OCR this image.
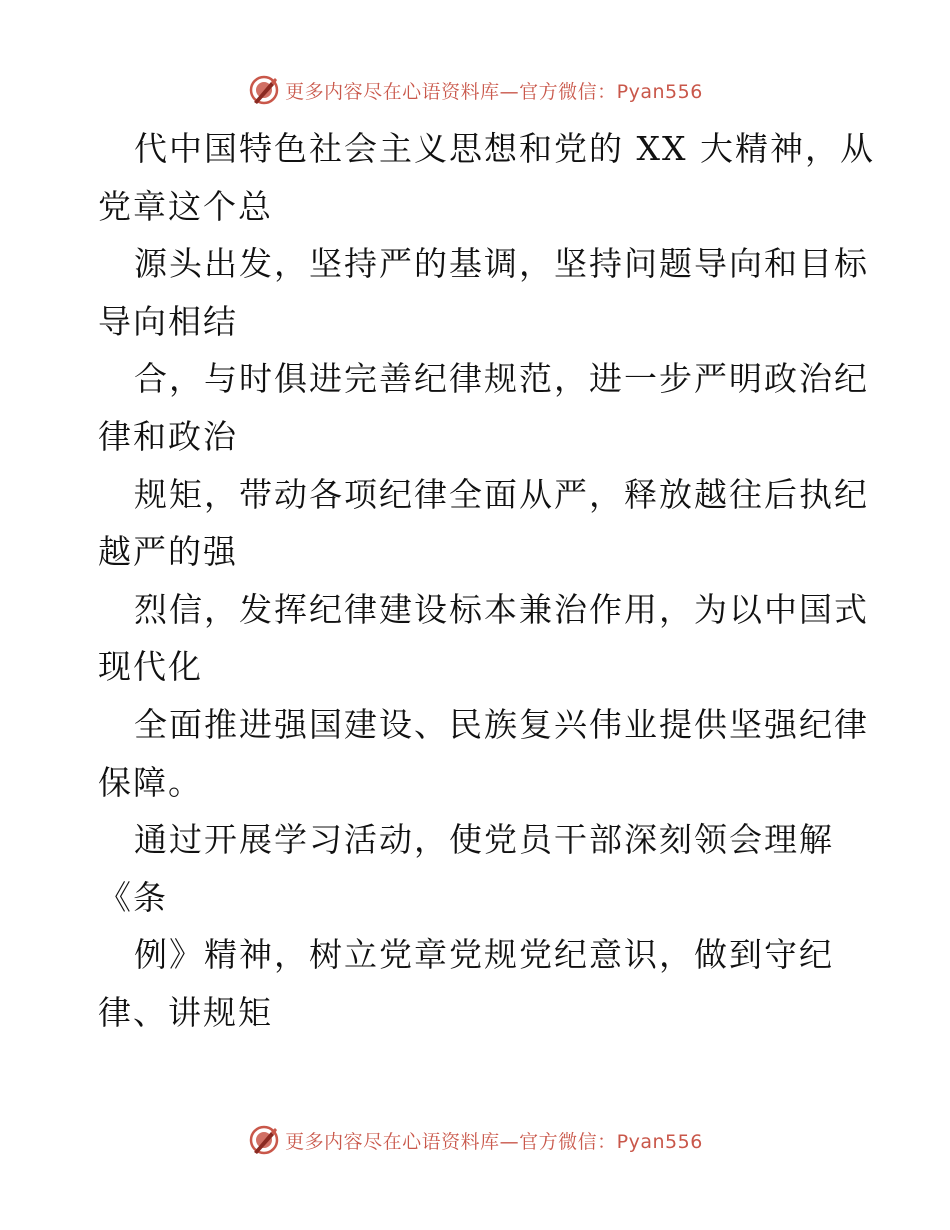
更多内容尽在心语资料库—官方微信：Pyan556

代中国特色社会主义思想和党的 XX 大精神，从

党章这个总

源头出发，坚持严的基调，坚持问题导向和目标

导向相结

合，与时俱进完善纪律规范，进一步严明政治纪

律和政治

规矩，带动各项纪律全面从严，释放越往后执纪

越严的强

烈信，发挥纪律建设标本兼治作用，为以中国式

现代化

全面推进强国建设、民族复兴伟业提供坚强纪律

保障。

通过开展学习活动，使党员干部深刻领会理解

《条

例》精神，树立党章党规党纪意识，做到守纪

律、讲规矩

更多内容尽在心语资料库—官方微信：Pyan556
